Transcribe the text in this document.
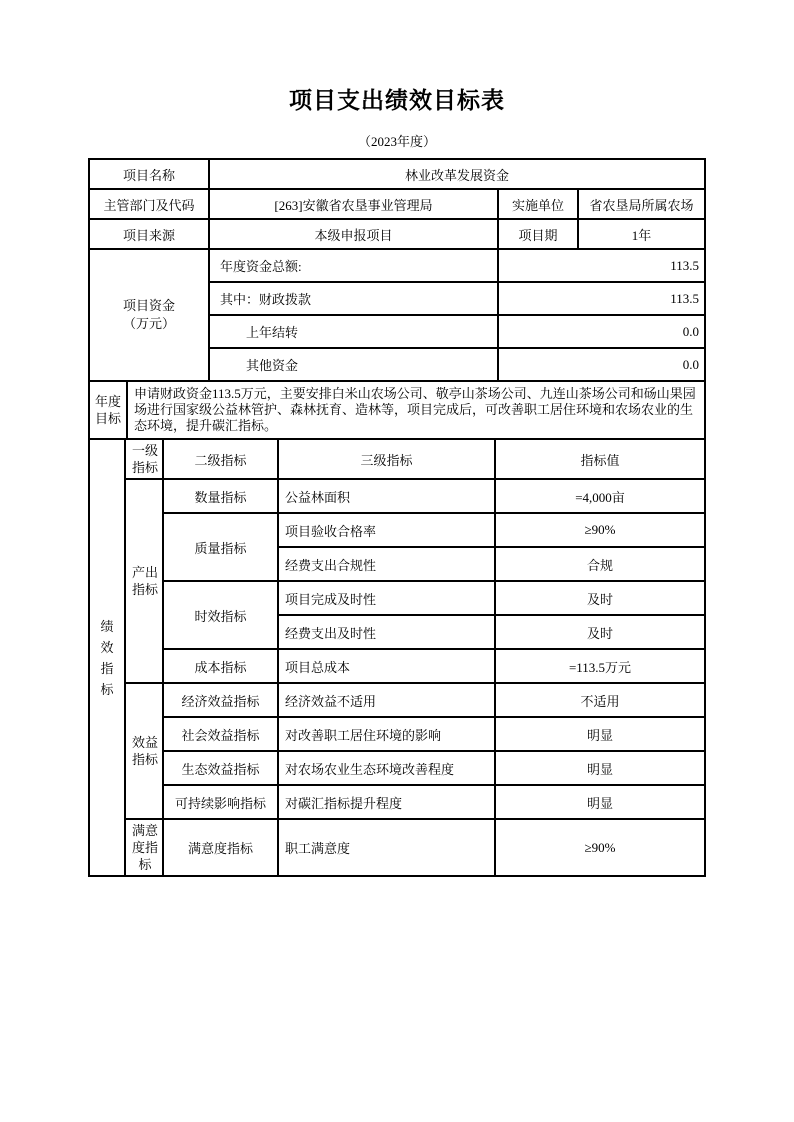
项目支出绩效目标表
（2023年度）
项目名称	林业改革发展资金		
主管部门及代码	[263]安徽省农垦事业管理局	实施单位	省农垦局所属农场
项目来源	本级申报项目	项目期	1年

项目资金
（万元）	年度资金总额:	113.5	
	其中：财政拨款	113.5	
	上年结转	0.0	
	其他资金	0.0	
年度目标
	申请财政资金113.5万元，主要安排白米山农场公司、敬亭山茶场公司、九连山茶场公司和砀山果园场进行国家级公益林管护、森林抚育、造林等，项目完成后，可改善职工居住环境和农场农业的生态环境，提升碳汇指标。
绩效指标	一级指标	二级指标	三级指标	指标值

	产出指标	数量指标	公益林面积	=4,000亩
		质量指标	项目验收合格率	≥90%
			经费支出合规性	合规
		时效指标	项目完成及时性	及时
			经费支出及时性	及时
		成本指标	项目总成本	=113.5万元

	效益指标	经济效益指标	经济效益不适用	不适用
		社会效益指标	对改善职工居住环境的影响	明显
		生态效益指标	对农场农业生态环境改善程度	明显
		可持续影响指标	对碳汇指标提升程度	明显

	满意度指标	满意度指标	职工满意度	≥90%
